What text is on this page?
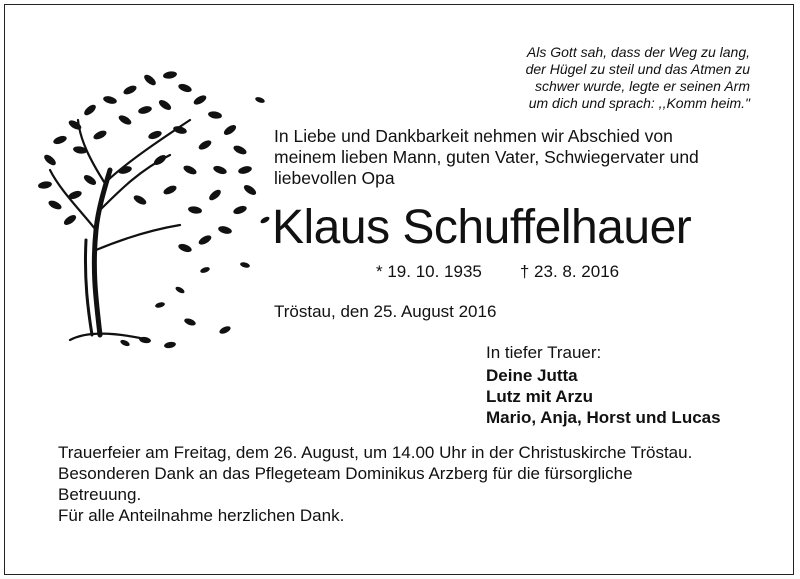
Als Gott sah, dass der Weg zu lang,
der Hügel zu steil und das Atmen zu
schwer wurde, legte er seinen Arm
um dich und sprach: ,,Komm heim."
In Liebe und Dankbarkeit nehmen wir Abschied von
meinem lieben Mann, guten Vater, Schwiegervater und
liebevollen Opa
Klaus Schuffelhauer
* 19. 10. 1935 † 23. 8. 2016
Tröstau, den 25. August 2016
In tiefer Trauer:
Deine Jutta
Lutz mit Arzu
Mario, Anja, Horst und Lucas
Trauerfeier am Freitag, dem 26. August, um 14.00 Uhr in der Christuskirche Tröstau.
Besonderen Dank an das Pflegeteam Dominikus Arzberg für die fürsorgliche
Betreuung.
Für alle Anteilnahme herzlichen Dank.
